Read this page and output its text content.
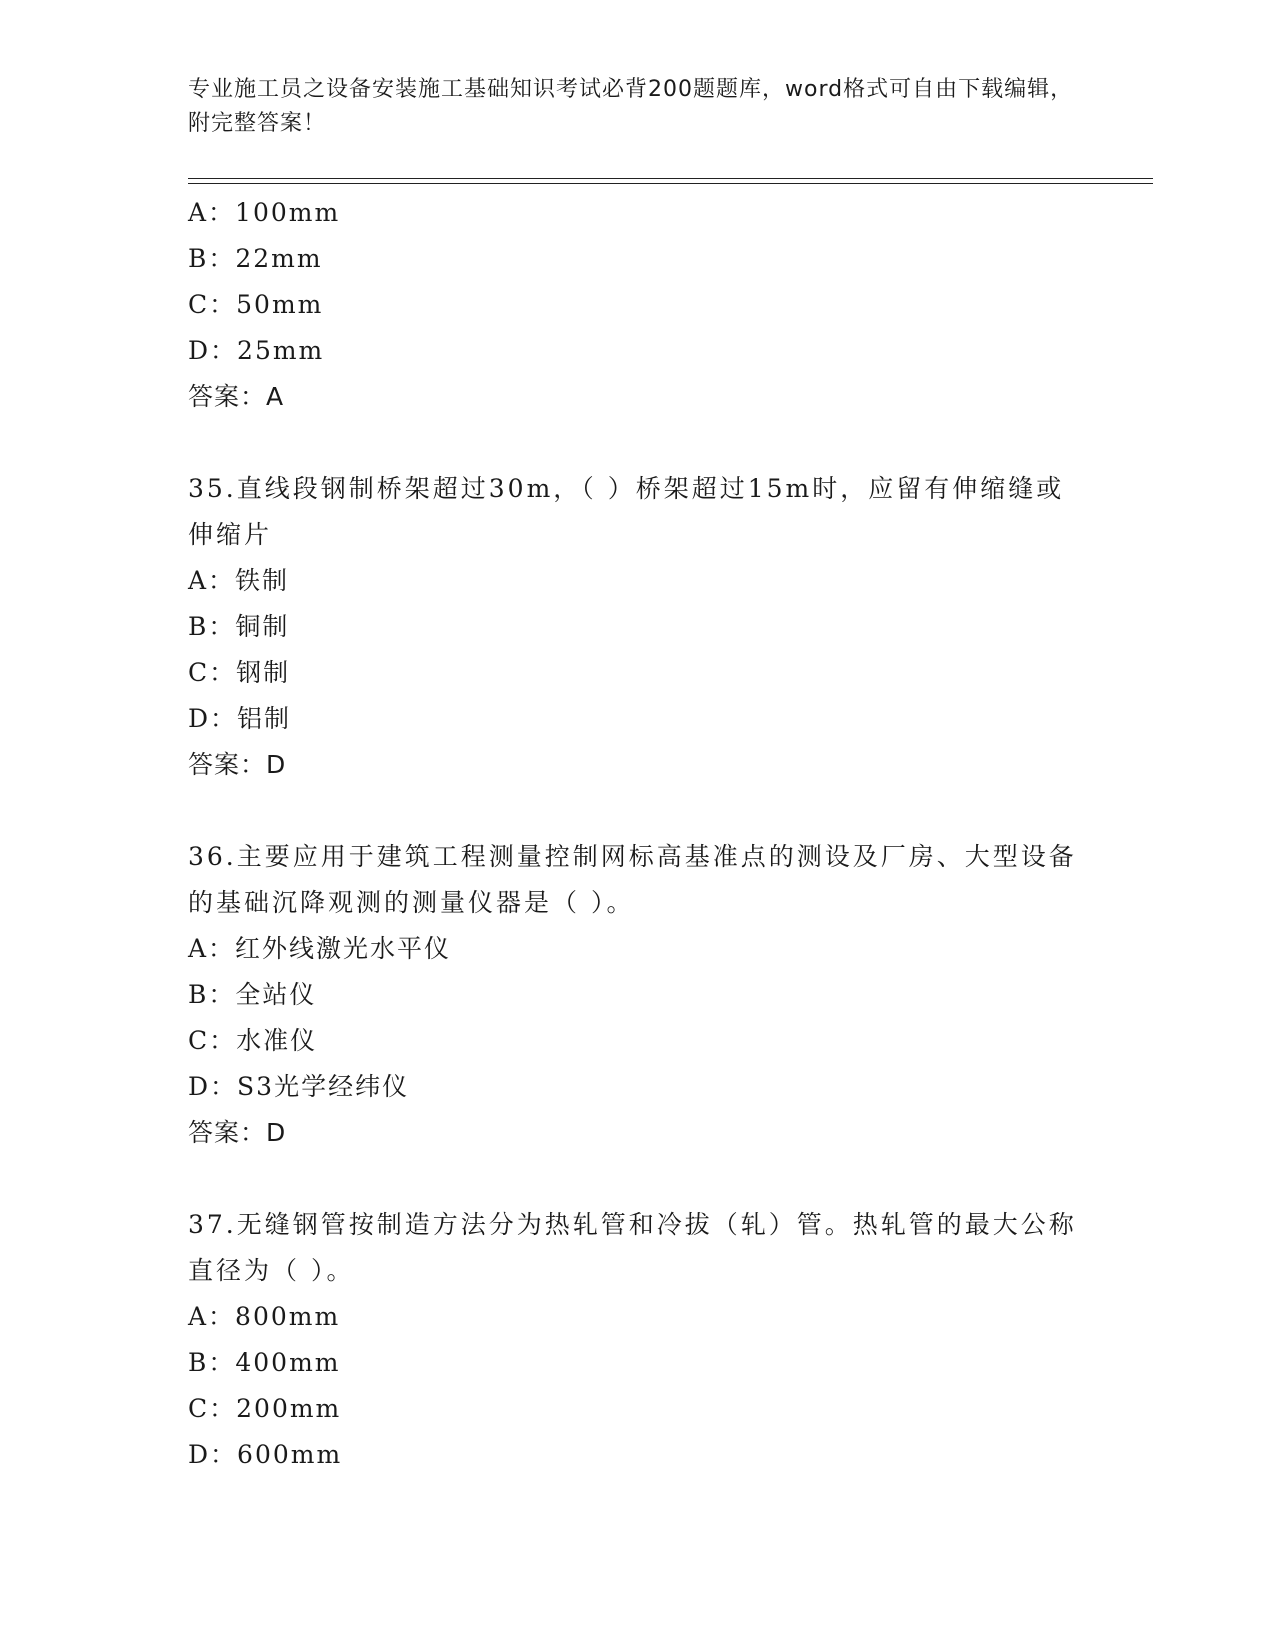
专业施工员之设备安装施工基础知识考试必背200题题库，word格式可自由下载编辑，附完整答案！
A：100mm
B：22mm
C：50mm
D：25mm
答案：A
35.直线段钢制桥架超过30m，（ ）桥架超过15m时，应留有伸缩缝或伸缩片
A：铁制
B：铜制
C：钢制
D：铝制
答案：D
36.主要应用于建筑工程测量控制网标高基准点的测设及厂房、大型设备的基础沉降观测的测量仪器是（ ）。
A：红外线激光水平仪
B：全站仪
C：水准仪
D：S3光学经纬仪
答案：D
37.无缝钢管按制造方法分为热轧管和冷拔（轧）管。热轧管的最大公称直径为（ ）。
A：800mm
B：400mm
C：200mm
D：600mm
